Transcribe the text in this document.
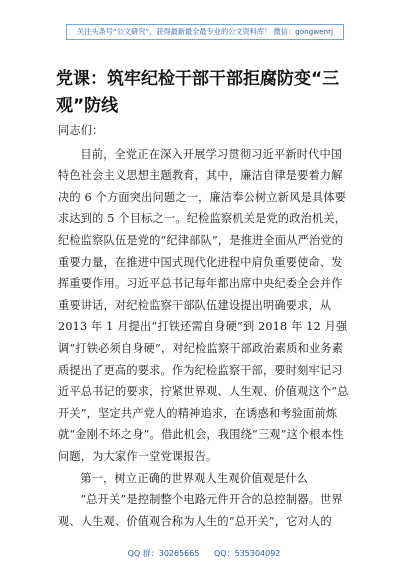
关注头条号“公文研究”，获得最新最全最专业的公文资料库！ 微信：gongwenrj
党课：筑牢纪检干部干部拒腐防变“三观”防线

同志们：

目前，全党正在深入开展学习贯彻习近平新时代中国特色社会主义思想主题教育，其中，廉洁自律是要着力解决的 6 个方面突出问题之一，廉洁奉公树立新风是具体要求达到的 5 个目标之一。纪检监察机关是党的政治机关，纪检监察队伍是党的“纪律部队”，是推进全面从严治党的重要力量，在推进中国式现代化进程中肩负重要使命、发挥重要作用。习近平总书记每年都出席中央纪委全会并作重要讲话，对纪检监察干部队伍建设提出明确要求，从 2013 年 1 月提出“打铁还需自身硬”到 2018 年 12 月强调“打铁必须自身硬”，对纪检监察干部政治素质和业务素质提出了更高的要求。作为纪检监察干部，要时刻牢记习近平总书记的要求，拧紧世界观、人生观、价值观这个“总开关”，坚定共产党人的精神追求，在诱惑和考验面前炼就“金刚不坏之身”。借此机会，我围绕“三观”这个根本性问题，为大家作一堂党课报告。

第一，树立正确的世界观人生观价值观是什么

“总开关”是控制整个电路元件开合的总控制器。世界观、人生观、价值观合称为人生的“总开关”，它对人的

QQ 群：30265665 QQ：535304092
